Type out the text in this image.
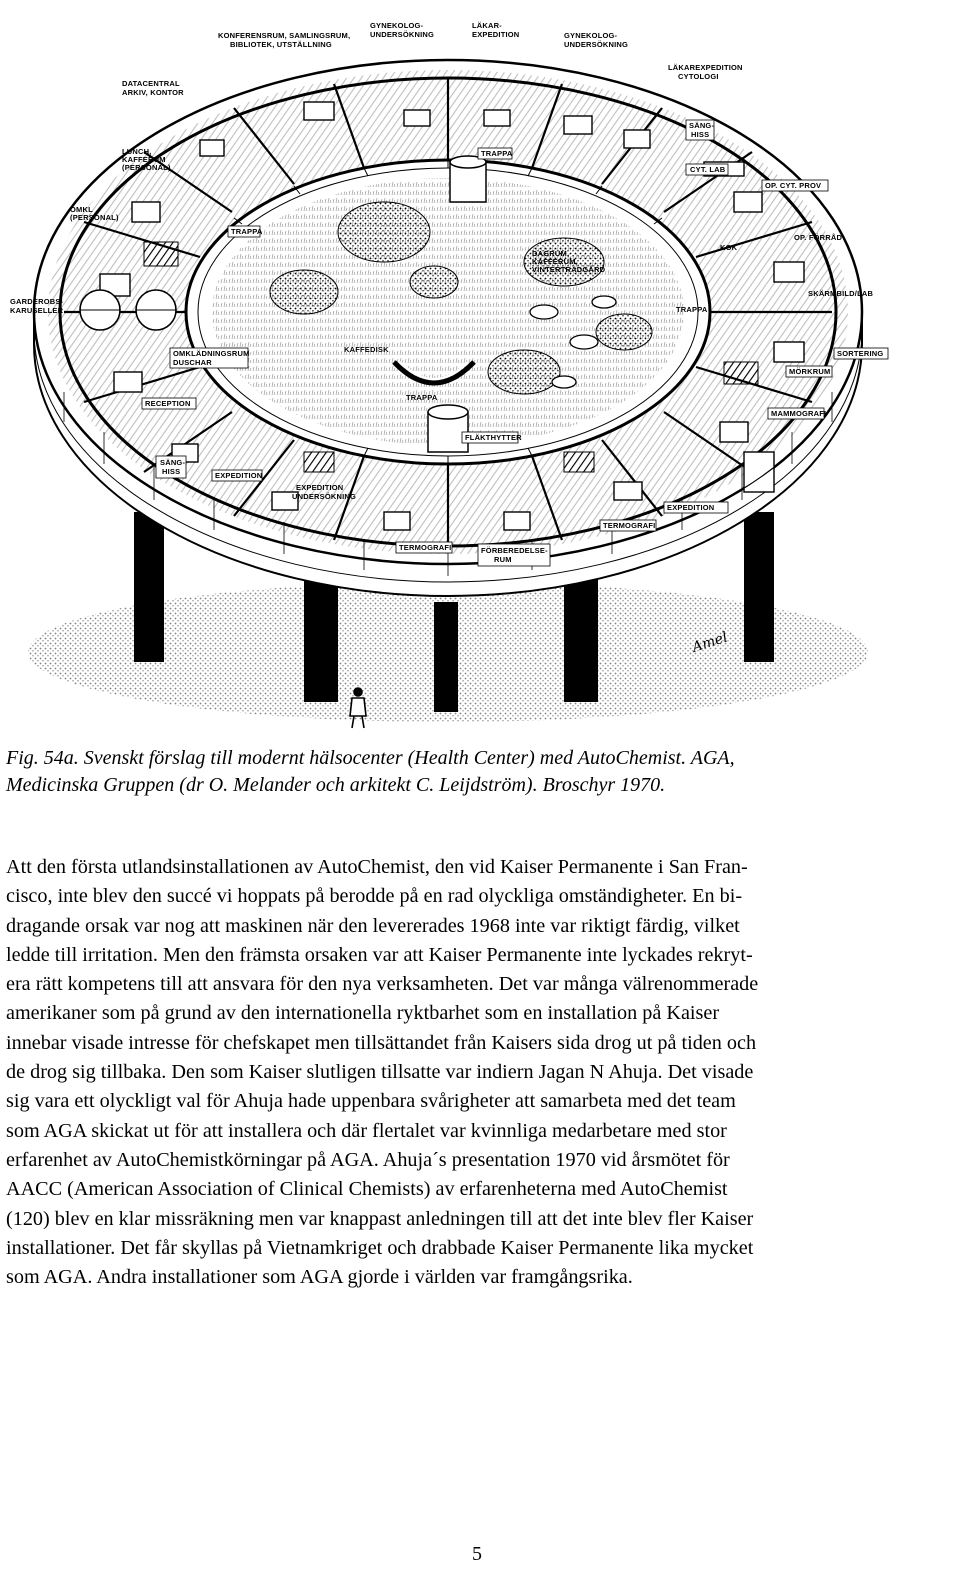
Amel
KONFERENSRUM, SAMLINGSRUM, BIBLIOTEK, UTSTÄLLNING
GYNEKOLOG-UNDERSÖKNING
LÄKAR-EXPEDITION	GYNEKOLOG-UNDERSÖKNING
LÄKAREXPEDITION CYTOLOGI
DATACENTRAL ARKIV, KONTOR
LUNCH, KAFFERUM (PERSONAL)
OMKL (PERSONAL)
SÄNG-HISS
CYT. LAB
OP. CYT. PROV
TRAPPA
TRAPPA
TRAPPA
TRAPPA
OP. FÖRRÅD
KOK
DAGRUM, KAFFERUM, VINTERTRÄDGÅRD
GARDEROBS-KARUSELLER
SKÄRMBILD/LAB
KAFFEDISK
OMKLÄDNINGSRUM DUSCHAR
SORTERING
MÖRKRUM
RECEPTION
MAMMOGRAFI
FLÄKTHYTTER
SÄNG-HISS	EXPEDITION
EXPEDITION UNDERSÖKNING
EXPEDITION
TERMOGRAFI
TERMOGRAFI
FÖRBEREDELSE-RUM
Fig. 54a. Svenskt förslag till modernt hälsocenter (Health Center) med AutoChemist. AGA,
Medicinska Gruppen (dr O. Melander och arkitekt C. Leijdström). Broschyr 1970.
Att den första utlandsinstallationen av AutoChemist, den vid Kaiser Permanente i San Fran-
cisco, inte blev den succé vi hoppats på berodde på en rad olyckliga omständigheter. En bi-
dragande orsak var nog att maskinen när den levererades 1968 inte var riktigt färdig, vilket
ledde till irritation. Men den främsta orsaken var att Kaiser Permanente inte lyckades rekryt-
era rätt kompetens till att ansvara för den nya verksamheten. Det var många välrenommerade
amerikaner som på grund av den internationella ryktbarhet som en installation på Kaiser
innebar visade intresse för chefskapet men tillsättandet från Kaisers sida drog ut på tiden och
de drog sig tillbaka. Den som Kaiser slutligen tillsatte var indiern Jagan N Ahuja. Det visade
sig vara ett olyckligt val för Ahuja hade uppenbara svårigheter att samarbeta med det team
som AGA skickat ut för att installera och där flertalet var kvinnliga medarbetare med stor
erfarenhet av AutoChemistkörningar på AGA. Ahuja´s presentation 1970 vid årsmötet för
AACC (American Association of Clinical Chemists) av erfarenheterna med AutoChemist
(120) blev en klar missräkning men var knappast anledningen till att det inte blev fler Kaiser
installationer. Det får skyllas på Vietnamkriget och drabbade Kaiser Permanente lika mycket
som AGA. Andra installationer som AGA gjorde i världen var framgångsrika.
5
